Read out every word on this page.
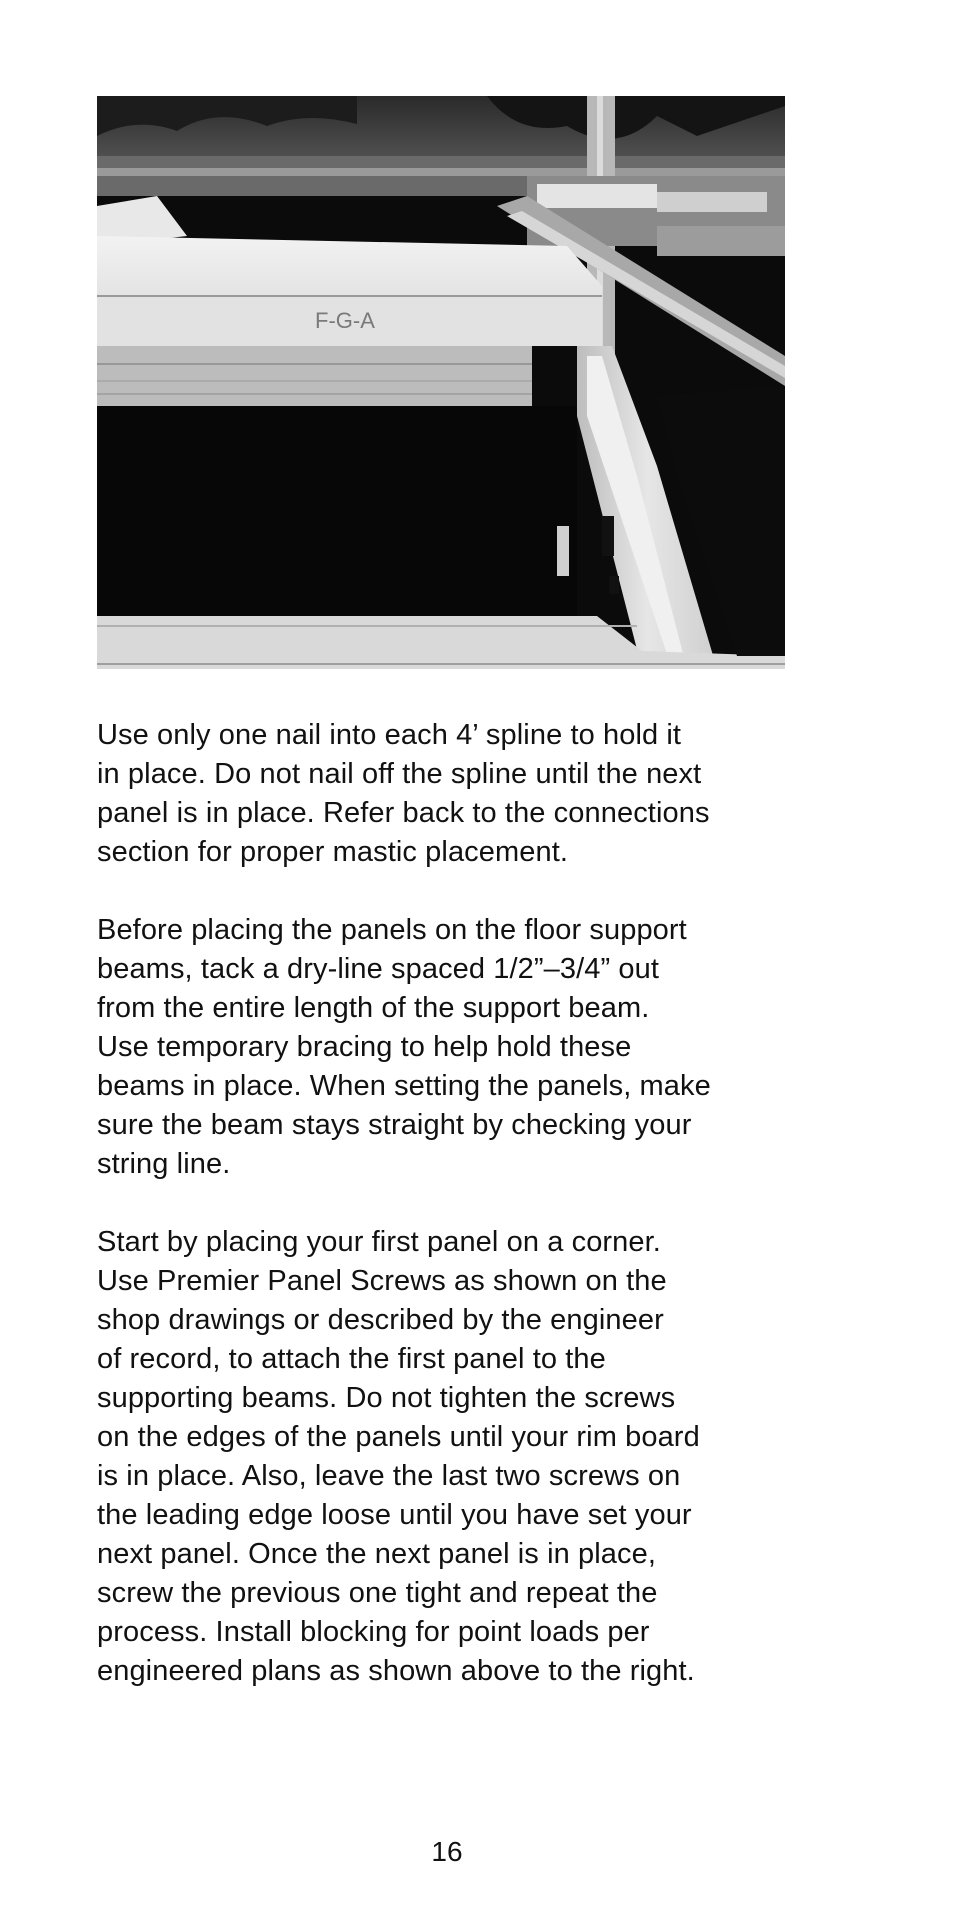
F-G-A

Use only one nail into each 4’ spline to hold it
in place. Do not nail off the spline until the next
panel is in place. Refer back to the connections
section for proper mastic placement.

Before placing the panels on the floor support
beams, tack a dry-line spaced 1/2”–3/4” out
from the entire length of the support beam.
Use temporary bracing to help hold these
beams in place. When setting the panels, make
sure the beam stays straight by checking your
string line.

Start by placing your first panel on a corner.
Use Premier Panel Screws as shown on the
shop drawings or described by the engineer
of record, to attach the first panel to the
supporting beams. Do not tighten the screws
on the edges of the panels until your rim board
is in place. Also, leave the last two screws on
the leading edge loose until you have set your
next panel. Once the next panel is in place,
screw the previous one tight and repeat the
process. Install blocking for point loads per
engineered plans as shown above to the right.

16
